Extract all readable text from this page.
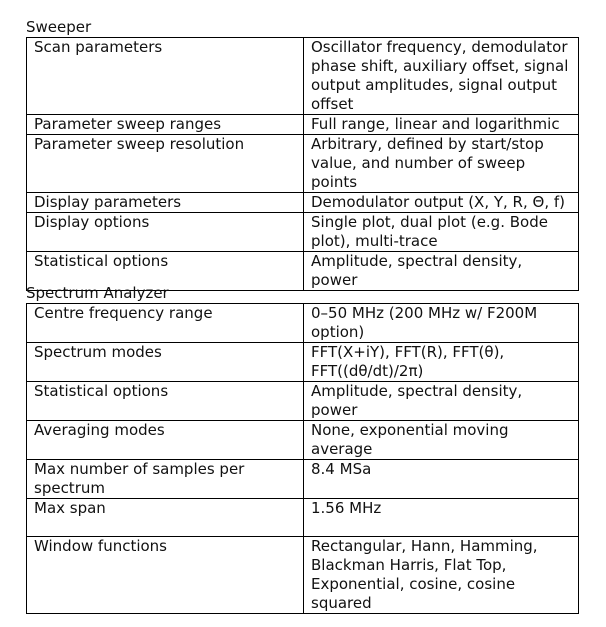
Sweeper
Scan parameters	Oscillator frequency, demodulator phase shift, auxiliary offset, signal output amplitudes, signal output offset
Parameter sweep ranges	Full range, linear and logarithmic
Parameter sweep resolution	Arbitrary, defined by start/stop value, and number of sweep points
Display parameters	Demodulator output (X, Y, R, Θ, f)
Display options	Single plot, dual plot (e.g. Bode plot), multi-trace
Statistical options	Amplitude, spectral density, power
Spectrum Analyzer
Centre frequency range	0–50 MHz (200 MHz w/ F200M option)
Spectrum modes	FFT(X+iY), FFT(R), FFT(θ), FFT((dθ/dt)/2π)
Statistical options	Amplitude, spectral density, power
Averaging modes	None, exponential moving average
Max number of samples per spectrum	8.4 MSa
Max span	1.56 MHz
Window functions	Rectangular, Hann, Hamming, Blackman Harris, Flat Top, Exponential, cosine, cosine squared
